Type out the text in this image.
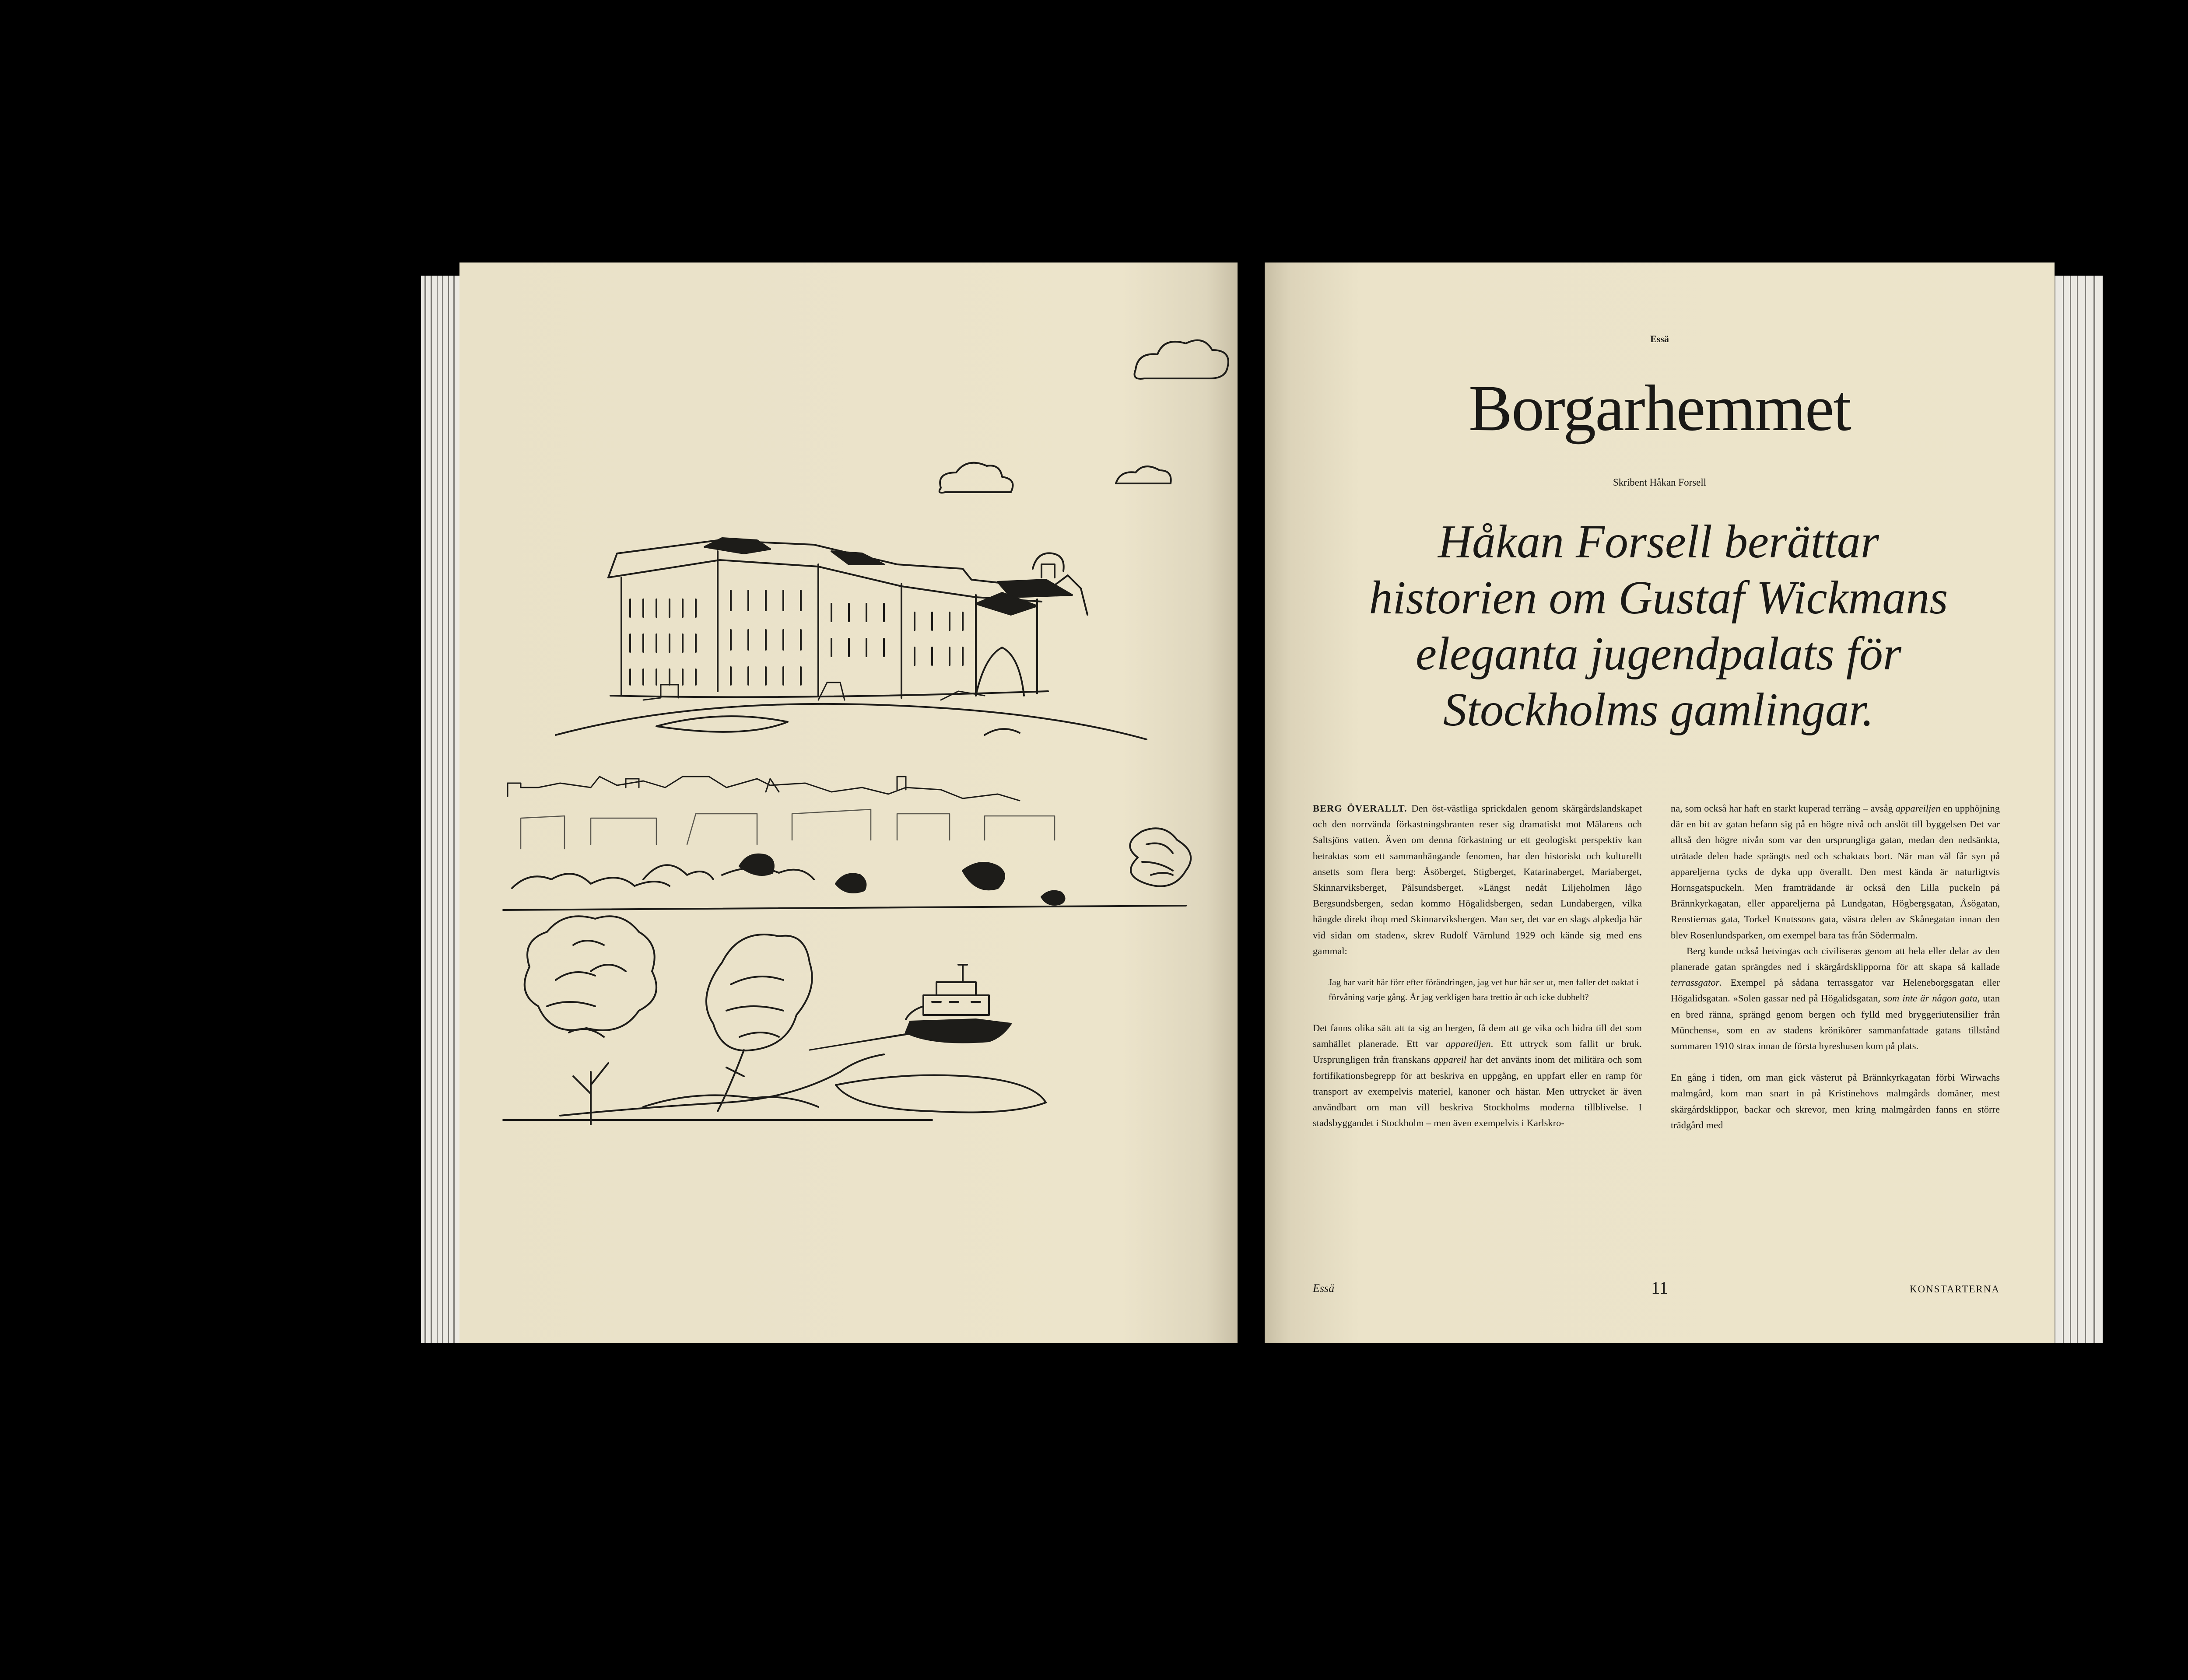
Essä
Borgarhemmet
Skribent Håkan Forsell
Håkan Forsell berättar historien om Gustaf Wickmans eleganta jugendpalats för Stockholms gamlingar.

BERG ÖVERALLT. Den öst-västliga sprickdalen genom skärgårdslandskapet och den norrvända förkastningsbranten reser sig dramatiskt mot Mälarens och Saltsjöns vatten. Även om denna förkastning ur ett geologiskt perspektiv kan betraktas som ett sammanhängande fenomen, har den historiskt och kulturellt ansetts som flera berg: Åsöberget, Stigberget, Katarinaberget, Mariaberget, Skinnarviksberget, Pålsundsberget. »Längst nedåt Liljeholmen lågo Bergsundsbergen, sedan kommo Högalidsbergen, sedan Lundabergen, vilka hängde direkt ihop med Skinnarviksbergen. Man ser, det var en slags alpkedja här vid sidan om staden«, skrev Rudolf Värnlund 1929 och kände sig med ens gammal:

Jag har varit här förr efter förändringen, jag vet hur här ser ut, men faller det oaktat i förvåning varje gång. Är jag verkligen bara trettio år och icke dubbelt?

Det fanns olika sätt att ta sig an bergen, få dem att ge vika och bidra till det som samhället planerade. Ett var appareiljen. Ett uttryck som fallit ur bruk. Ursprungligen från franskans appareil har det använts inom det militära och som fortifikationsbegrepp för att beskriva en uppgång, en uppfart eller en ramp för transport av exempelvis materiel, kanoner och hästar. Men uttrycket är även användbart om man vill beskriva Stockholms moderna tillblivelse. I stadsbyggandet i Stockholm – men även exempelvis i Karlskro-

na, som också har haft en starkt kuperad terräng – avsåg appareiljen en upphöjning där en bit av gatan befann sig på en högre nivå och anslöt till byggelsen Det var alltså den högre nivån som var den ursprungliga gatan, medan den nedsänkta, uträtade delen hade sprängts ned och schaktats bort. När man väl får syn på appareljerna tycks de dyka upp överallt. Den mest kända är naturligtvis Hornsgatspuckeln. Men framträdande är också den Lilla puckeln på Brännkyrkagatan, eller appareljerna på Lundgatan, Högbergsgatan, Åsögatan, Renstiernas gata, Torkel Knutssons gata, västra delen av Skånegatan innan den blev Rosenlundsparken, om exempel bara tas från Södermalm.

Berg kunde också betvingas och civiliseras genom att hela eller delar av den planerade gatan sprängdes ned i skärgårdsklipporna för att skapa så kallade terrassgator. Exempel på sådana terrassgator var Heleneborgsgatan eller Högalidsgatan. »Solen gassar ned på Högalidsgatan, som inte är någon gata, utan en bred ränna, sprängd genom bergen och fylld med bryggeriutensilier från Münchens«, som en av stadens krönikörer sammanfattade gatans tillstånd sommaren 1910 strax innan de första hyreshusen kom på plats.

En gång i tiden, om man gick västerut på Brännkyrkagatan förbi Wirwachs malmgård, kom man snart in på Kristinehovs malmgårds domäner, mest skärgårdsklippor, backar och skrevor, men kring malmgården fanns en större trädgård med

Essä	11	KONSTARTERNA
